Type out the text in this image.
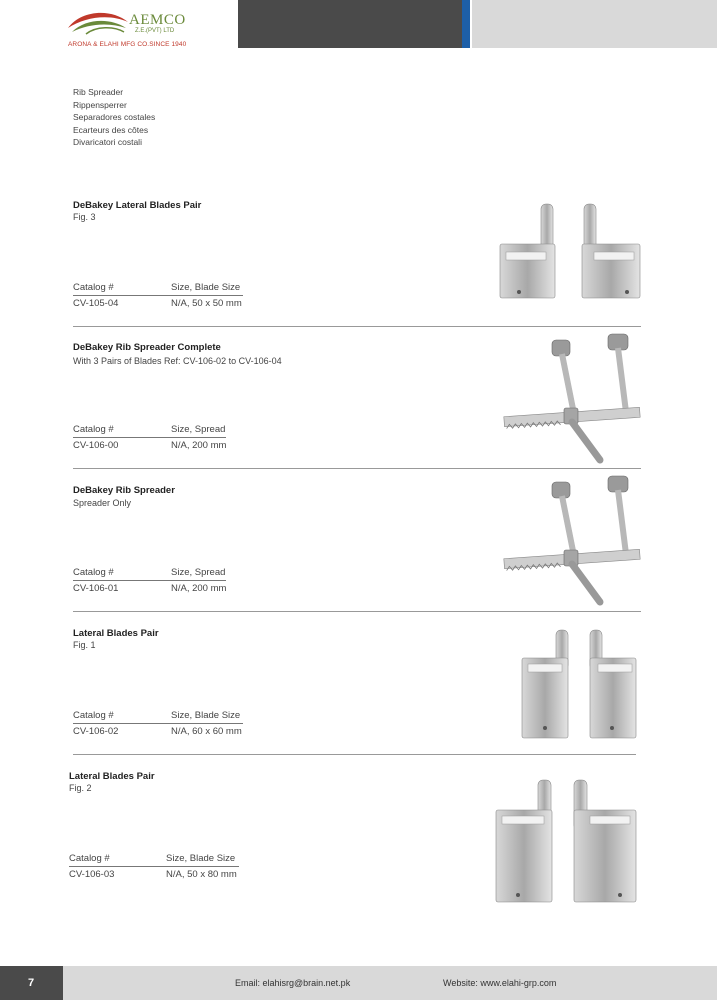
AEMCO
Z.E.(PVT) LTD
ARONA & ELAHI MFG CO.SINCE 1940
Rib Spreader
Rippensperrer
Separadores costales
Ecarteurs des côtes
Divaricatori costali
DeBakey Lateral Blades Pair
Fig. 3
Catalog #	Size, Blade Size
CV-105-04	N/A, 50 x 50 mm
DeBakey Rib Spreader Complete
With 3 Pairs of Blades Ref: CV-106-02 to CV-106-04
Catalog #	Size, Spread
CV-106-00	N/A, 200 mm
DeBakey Rib Spreader
Spreader Only
Catalog #	Size, Spread
CV-106-01	N/A, 200 mm
Lateral Blades Pair
Fig. 1
Catalog #	Size, Blade Size
CV-106-02	N/A, 60 x 60 mm
Lateral Blades Pair
Fig. 2
Catalog #	Size, Blade Size
CV-106-03	N/A, 50 x 80 mm
7	Email: elahisrg@brain.net.pk	Website: www.elahi-grp.com
